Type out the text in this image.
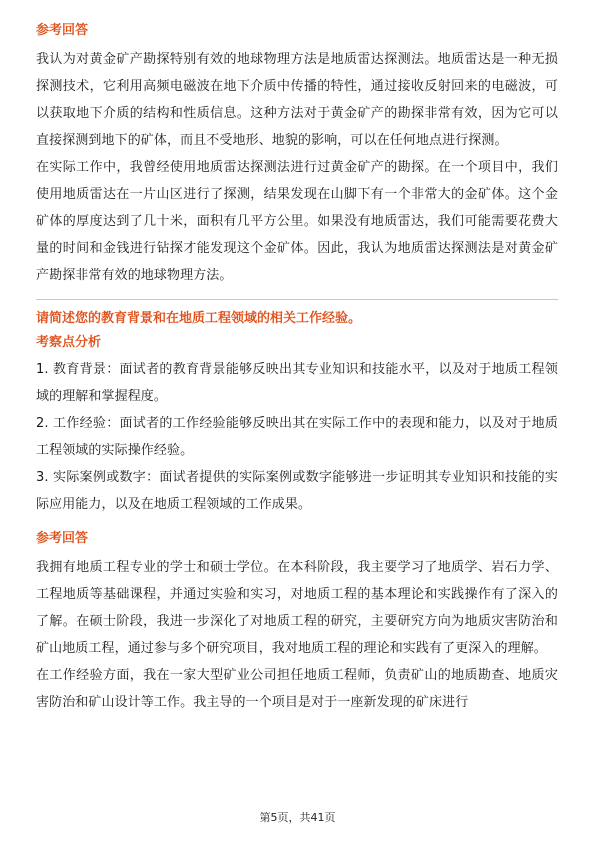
参考回答

我认为对黄金矿产勘探特别有效的地球物理方法是地质雷达探测法。地质雷达是一种无损探测技术，它利用高频电磁波在地下介质中传播的特性，通过接收反射回来的电磁波，可以获取地下介质的结构和性质信息。这种方法对于黄金矿产的勘探非常有效，因为它可以直接探测到地下的矿体，而且不受地形、地貌的影响，可以在任何地点进行探测。

在实际工作中，我曾经使用地质雷达探测法进行过黄金矿产的勘探。在一个项目中，我们使用地质雷达在一片山区进行了探测，结果发现在山脚下有一个非常大的金矿体。这个金矿体的厚度达到了几十米，面积有几平方公里。如果没有地质雷达，我们可能需要花费大量的时间和金钱进行钻探才能发现这个金矿体。因此，我认为地质雷达探测法是对黄金矿产勘探非常有效的地球物理方法。

请简述您的教育背景和在地质工程领域的相关工作经验。

考察点分析

1. 教育背景：面试者的教育背景能够反映出其专业知识和技能水平，以及对于地质工程领域的理解和掌握程度。

2. 工作经验：面试者的工作经验能够反映出其在实际工作中的表现和能力，以及对于地质工程领域的实际操作经验。

3. 实际案例或数字：面试者提供的实际案例或数字能够进一步证明其专业知识和技能的实际应用能力，以及在地质工程领域的工作成果。

参考回答

我拥有地质工程专业的学士和硕士学位。在本科阶段，我主要学习了地质学、岩石力学、工程地质等基础课程，并通过实验和实习，对地质工程的基本理论和实践操作有了深入的了解。在硕士阶段，我进一步深化了对地质工程的研究，主要研究方向为地质灾害防治和矿山地质工程，通过参与多个研究项目，我对地质工程的理论和实践有了更深入的理解。

在工作经验方面，我在一家大型矿业公司担任地质工程师，负责矿山的地质勘查、地质灾害防治和矿山设计等工作。我主导的一个项目是对于一座新发现的矿床进行

第5页，共41页
